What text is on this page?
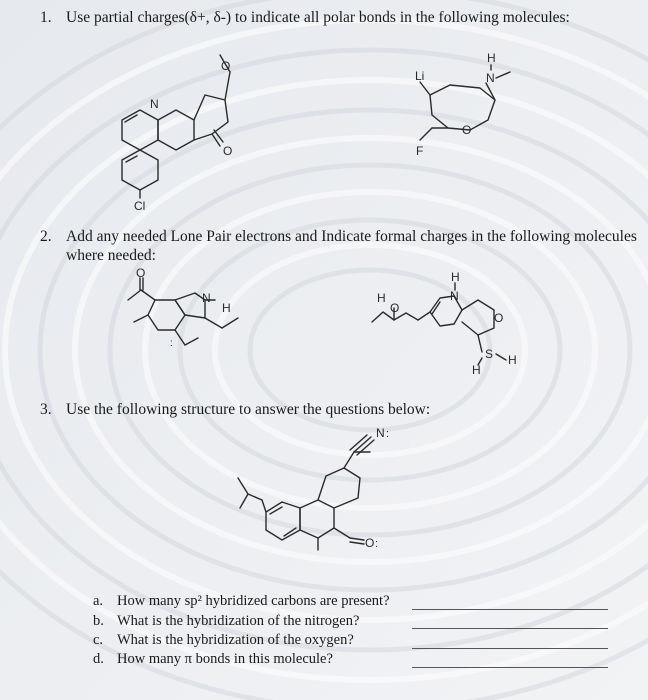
1. Use partial charges(δ+, δ-) to indicate all polar bonds in the following molecules:
2. Add any needed Lone Pair electrons and Indicate formal charges in the following molecules
where needed:
3. Use the following structure to answer the questions below:
a. How many sp² hybridized carbons are present?
b. What is the hybridization of the nitrogen?
c. What is the hybridization of the oxygen?
d. How many π bonds in this molecule?
O
N
O
Cl
H
N
Li
F
O
O
N
H
:
H
N
H
O
O
S
H
H
N :
O :
